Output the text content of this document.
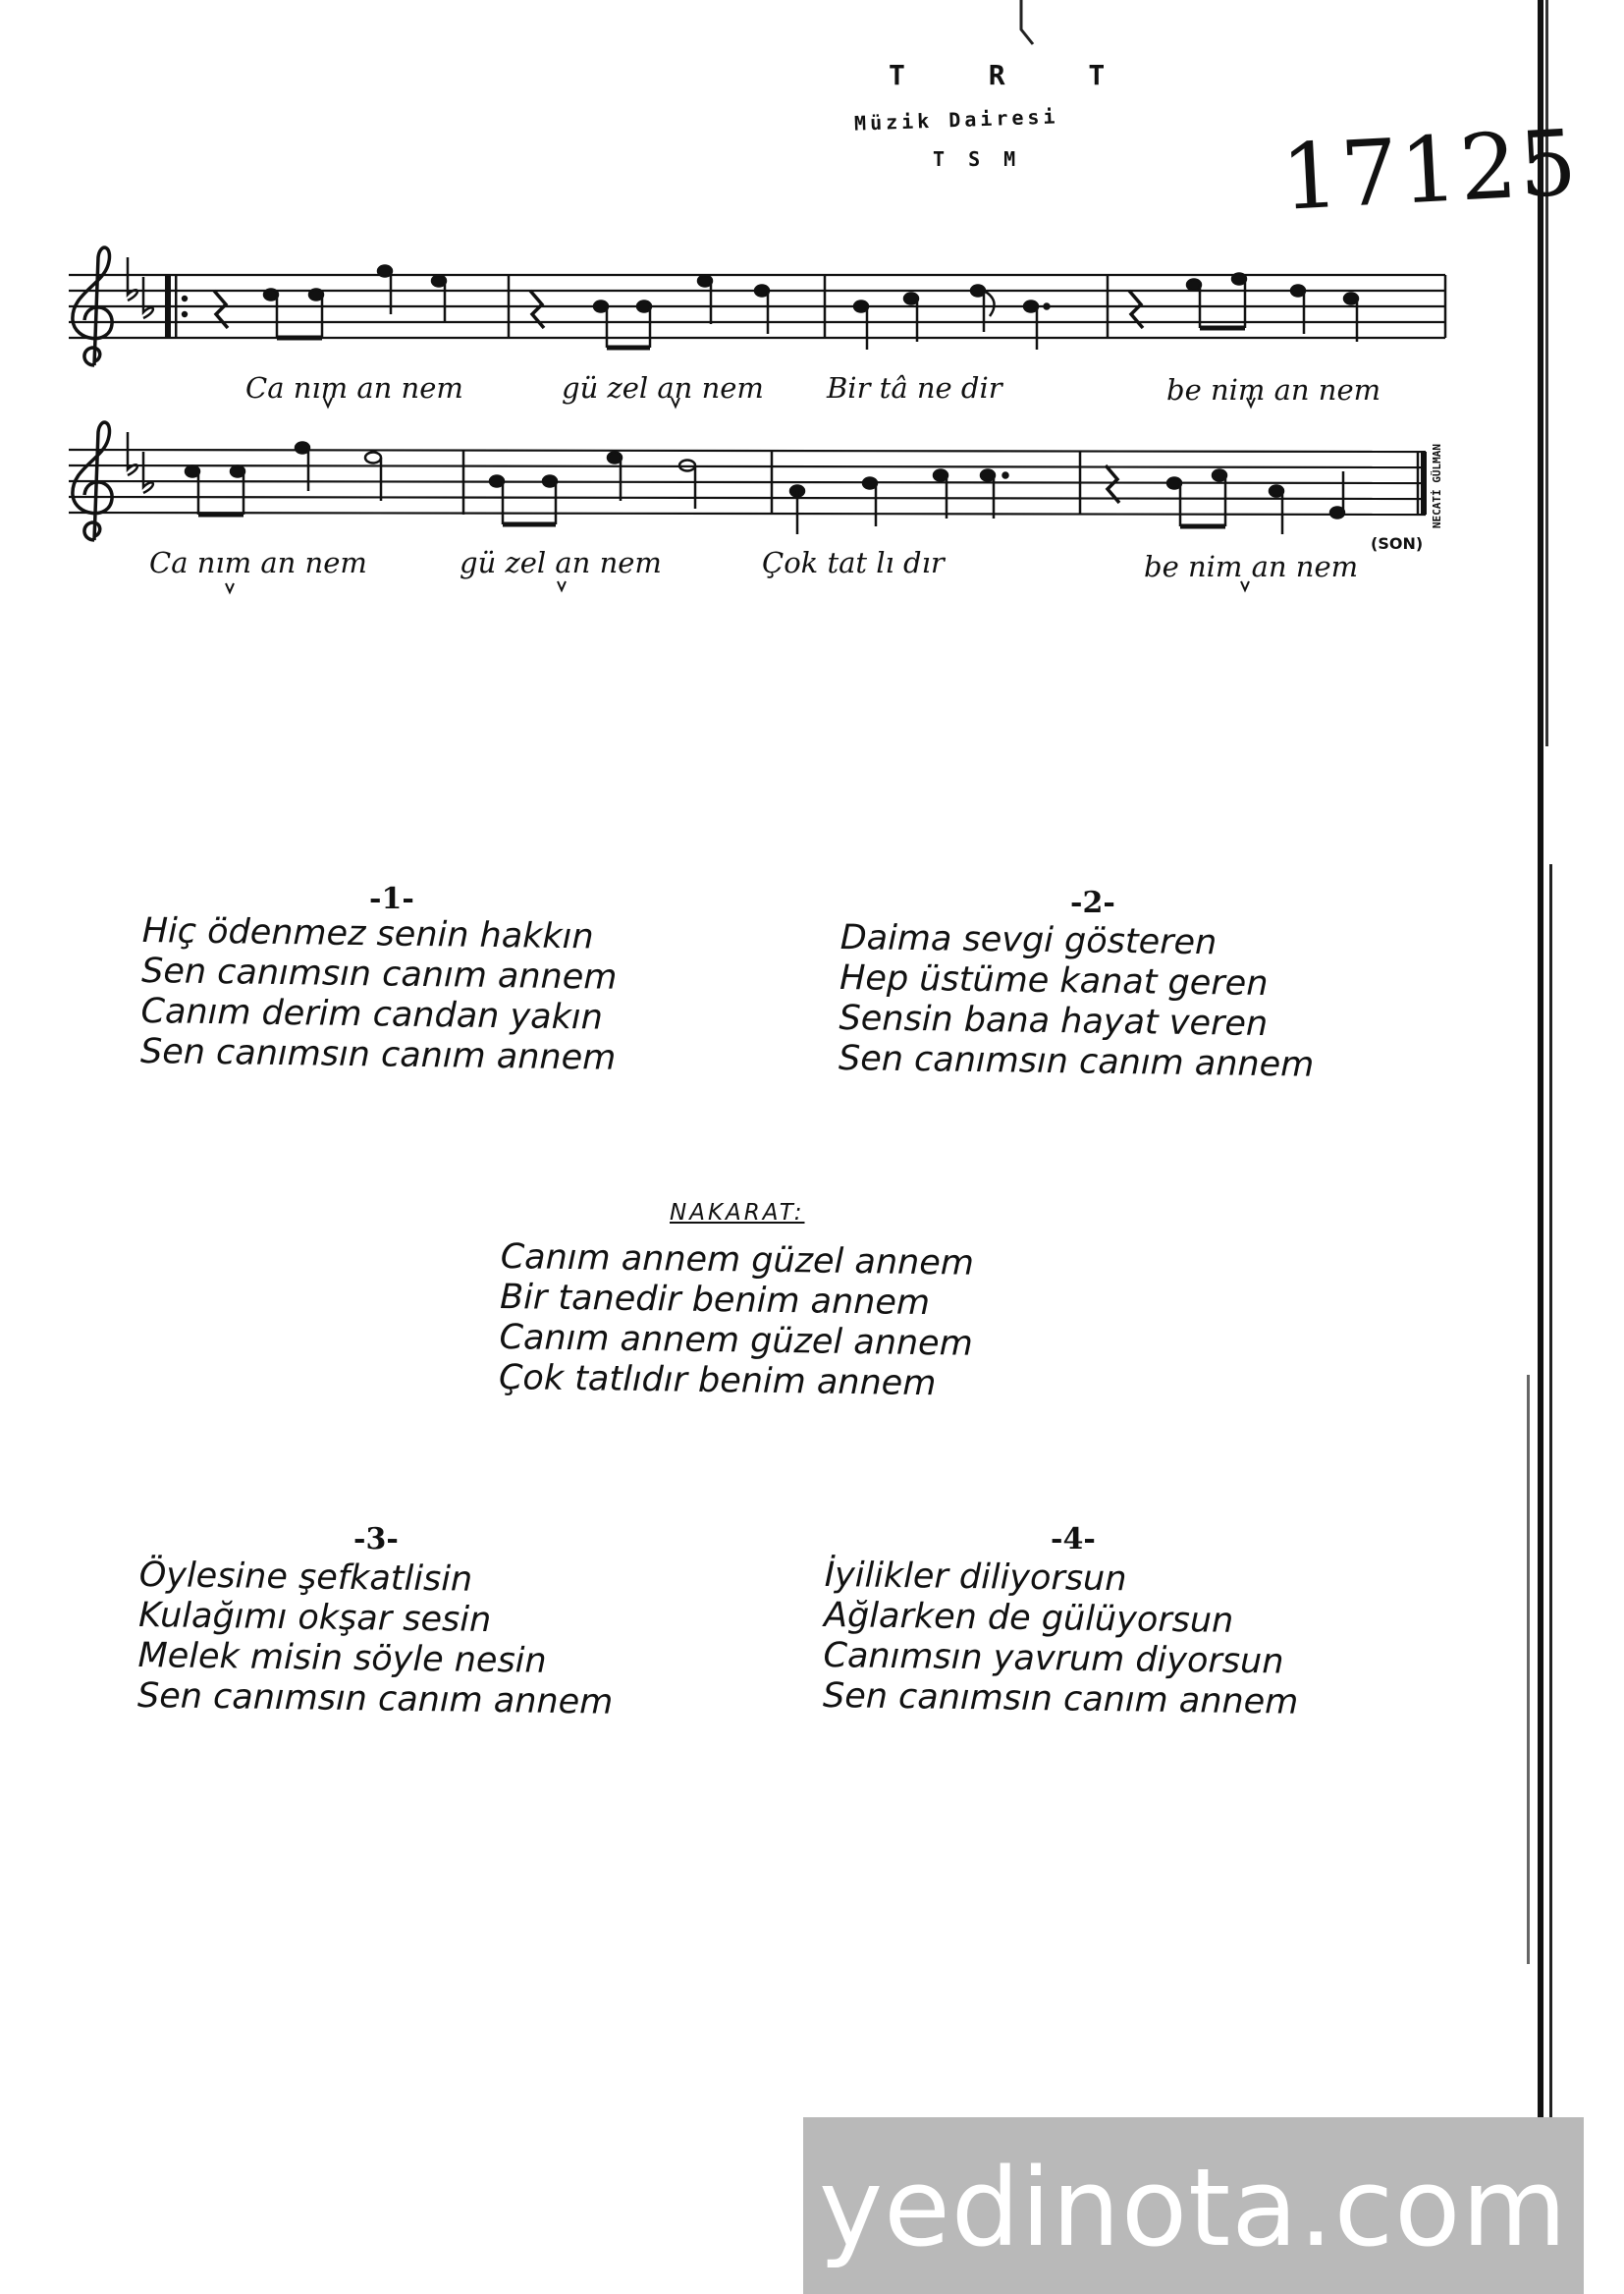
T R T
Müzik Dairesi
T S M	17125
Ca nım an nem	gü zel an nem Bir tâ ne dir	be nim an nem
NECATİ GÜLMAN
Ca nım an nem	gü zel an nem	Çok tat lı dır	be nim an nem
(SON)
-1-
Hiç ödenmez senin hakkın
Sen canımsın canım annem
Canım derim candan yakın
Sen canımsın canım annem
-2-
Daima sevgi gösteren
Hep üstüme kanat geren
Sensin bana hayat veren
Sen canımsın canım annem
NAKARAT:
Canım annem güzel annem
Bir tanedir benim annem
Canım annem güzel annem
Çok tatlıdır benim annem
-3-
Öylesine şefkatlisin
Kulağımı okşar sesin
Melek misin söyle nesin
Sen canımsın canım annem
-4-
İyilikler diliyorsun
Ağlarken de gülüyorsun
Canımsın yavrum diyorsun
Sen canımsın canım annem
yedinota.com
